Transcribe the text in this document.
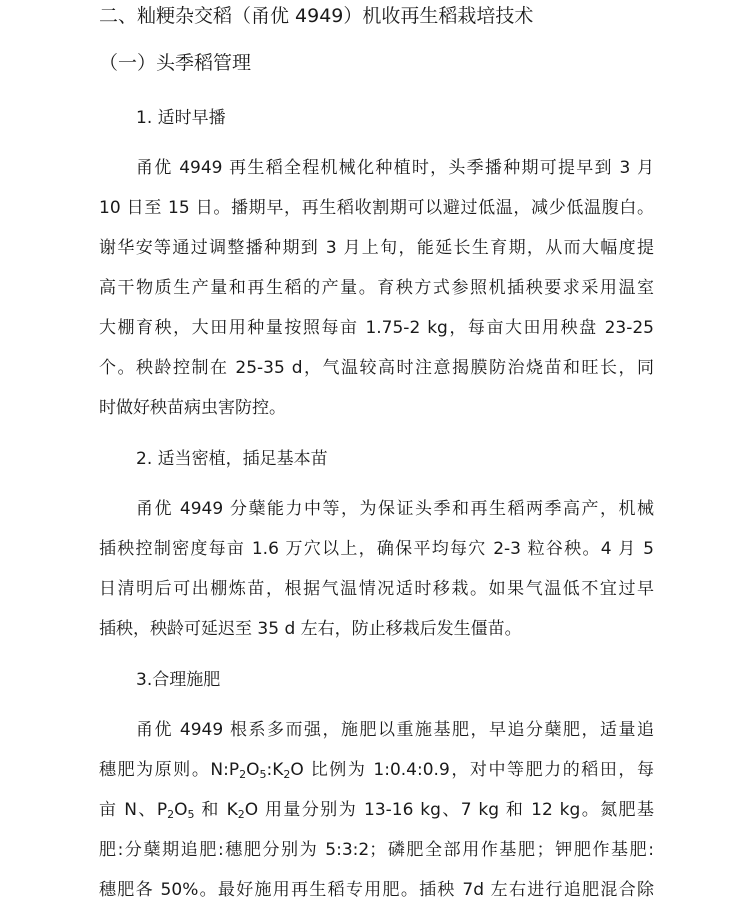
二、籼粳杂交稻（甬优 4949）机收再生稻栽培技术
（一）头季稻管理
1. 适时早播
甬优 4949 再生稻全程机械化种植时，头季播种期可提早到 3 月
10 日至 15 日。播期早，再生稻收割期可以避过低温，减少低温腹白。
谢华安等通过调整播种期到 3 月上旬，能延长生育期，从而大幅度提
高干物质生产量和再生稻的产量。育秧方式参照机插秧要求采用温室
大棚育秧，大田用种量按照每亩 1.75-2 kg，每亩大田用秧盘 23-25
个。秧龄控制在 25-35 d，气温较高时注意揭膜防治烧苗和旺长，同
时做好秧苗病虫害防控。
2. 适当密植，插足基本苗
甬优 4949 分蘖能力中等，为保证头季和再生稻两季高产，机械
插秧控制密度每亩 1.6 万穴以上，确保平均每穴 2-3 粒谷秧。4 月 5
日清明后可出棚炼苗，根据气温情况适时移栽。如果气温低不宜过早
插秧，秧龄可延迟至 35 d 左右，防止移栽后发生僵苗。
3.合理施肥
甬优 4949 根系多而强，施肥以重施基肥，早追分蘖肥，适量追
穗肥为原则。$N:P_2O_5:K_2O$ 比例为 1:0.4:0.9，对中等肥力的稻田，每
亩 N、$P_2O_5$ 和 $K_2O$ 用量分别为 13-16 kg、7 kg 和 12 kg。氮肥基
肥:分蘖期追肥:穗肥分别为 5:3:2；磷肥全部用作基肥；钾肥作基肥:
穗肥各 50%。最好施用再生稻专用肥。插秧 7d 左右进行追肥混合除
